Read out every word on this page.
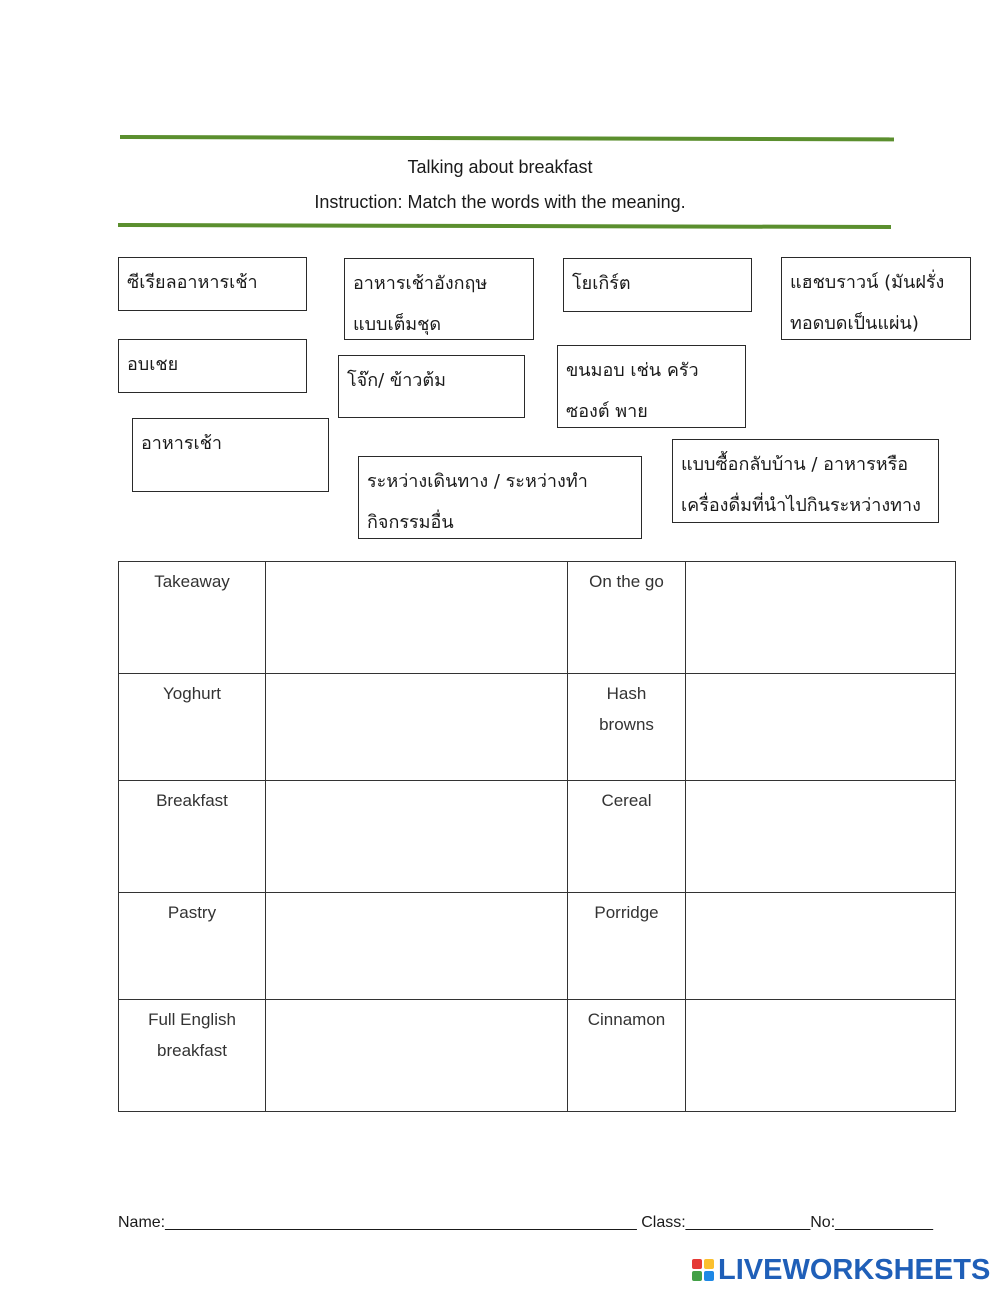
Talking about breakfast
Instruction: Match the words with the meaning.
ซีเรียลอาหารเช้า	อาหารเช้าอังกฤษ
แบบเต็มชุด
โยเกิร์ต	แฮชบราวน์ (มันฝรั่ง
ทอดบดเป็นแผ่น)
อบเชย
โจ๊ก/ ข้าวต้ม	ขนมอบ เช่น ครัว
ซองต์ พาย
อาหารเช้า
ระหว่างเดินทาง / ระหว่างทำ
กิจกรรมอื่น
แบบซื้อกลับบ้าน / อาหารหรือ
เครื่องดื่มที่นำไปกินระหว่างทาง
Takeaway		On the go	

Yoghurt		Hash
browns	

Breakfast		Cereal	

Pastry		Porridge	

Full English
breakfast		Cinnamon	

Name:_____________________________________________________ Class:______________No:___________
LIVEWORKSHEETS
